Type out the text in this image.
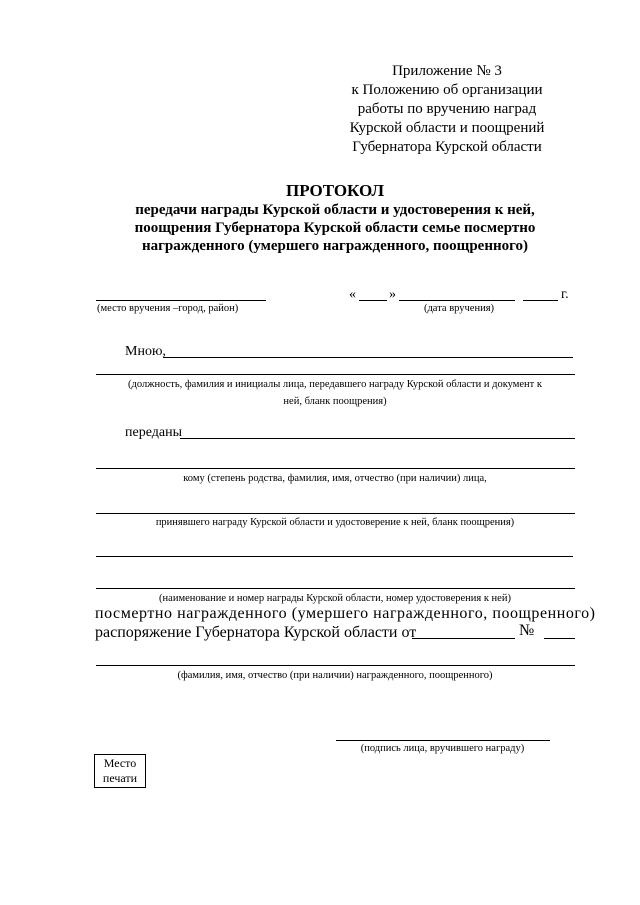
Приложение № 3
к Положению об организации
работы по вручению наград
Курской области и поощрений
Губернатора Курской области
ПРОТОКОЛ
передачи награды Курской области и удостоверения к ней,
поощрения Губернатора Курской области семье посмертно
награжденного (умершего награжденного, поощренного)
(место вручения –город, район)
« »	г.
(дата вручения)
Мною,
(должность, фамилия и инициалы лица, передавшего награду Курской области и документ к
ней, бланк поощрения)
переданы
кому (степень родства, фамилия, имя, отчество (при наличии) лица,
принявшего награду Курской области и удостоверение к ней, бланк поощрения)
(наименование и номер награды Курской области, номер удостоверения к ней)
посмертно награжденного (умершего награжденного, поощренного)
распоряжение Губернатора Курской области от	№
(фамилия, имя, отчество (при наличии) награжденного, поощренного)
(подпись лица, вручившего награду)
Место
печати
